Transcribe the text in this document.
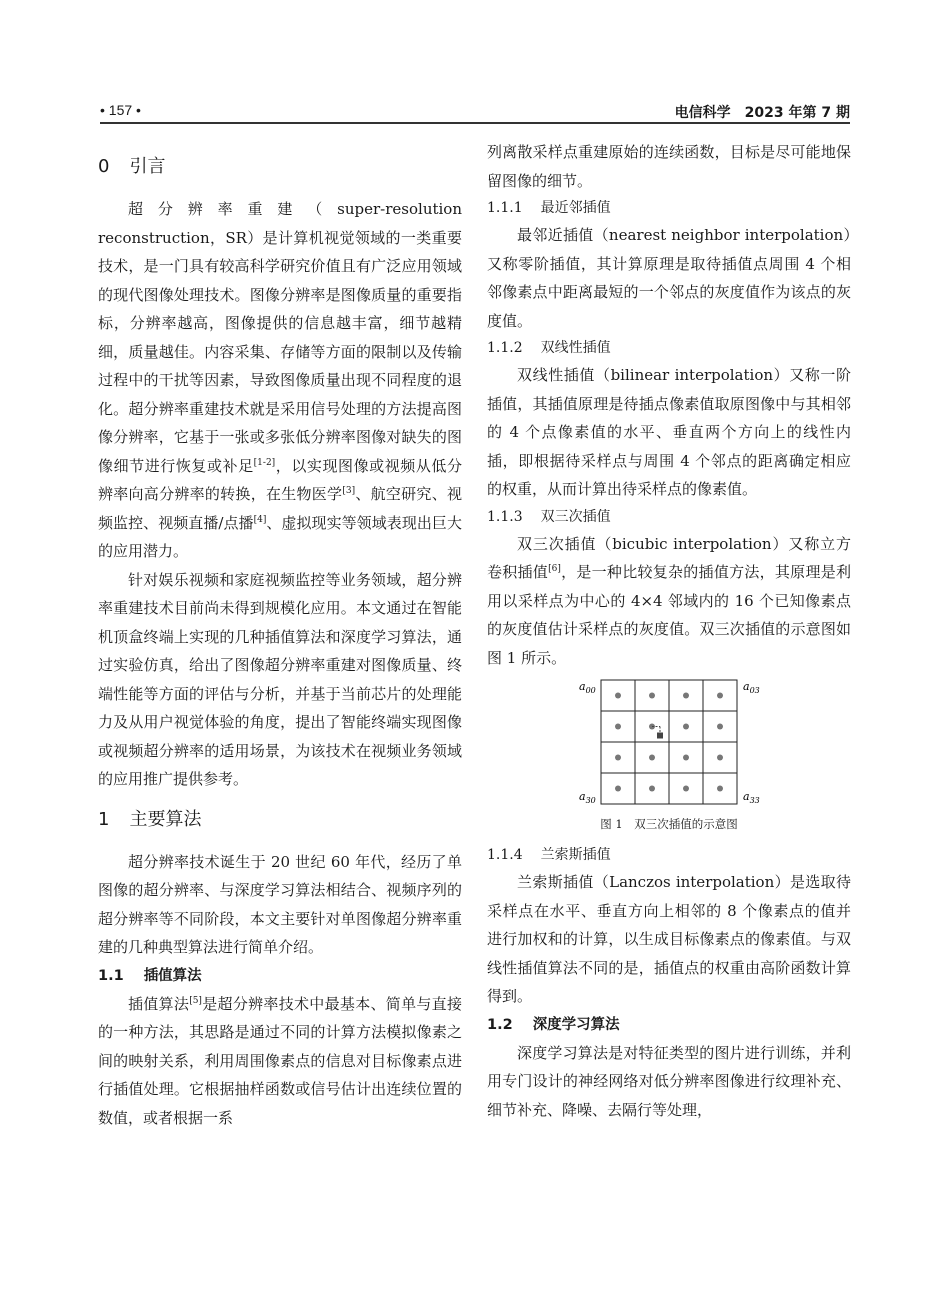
• 157 •	电信科学　2023 年第 7 期
0 引言

超分辨率重建（super-resolution reconstruction，SR）是计算机视觉领域的一类重要技术，是一门具有较高科学研究价值且有广泛应用领域的现代图像处理技术。图像分辨率是图像质量的重要指标，分辨率越高，图像提供的信息越丰富，细节越精细，质量越佳。内容采集、存储等方面的限制以及传输过程中的干扰等因素，导致图像质量出现不同程度的退化。超分辨率重建技术就是采用信号处理的方法提高图像分辨率，它基于一张或多张低分辨率图像对缺失的图像细节进行恢复或补足[1-2]，以实现图像或视频从低分辨率向高分辨率的转换，在生物医学[3]、航空研究、视频监控、视频直播/点播[4]、虚拟现实等领域表现出巨大的应用潜力。

针对娱乐视频和家庭视频监控等业务领域，超分辨率重建技术目前尚未得到规模化应用。本文通过在智能机顶盒终端上实现的几种插值算法和深度学习算法，通过实验仿真，给出了图像超分辨率重建对图像质量、终端性能等方面的评估与分析，并基于当前芯片的处理能力及从用户视觉体验的角度，提出了智能终端实现图像或视频超分辨率的适用场景，为该技术在视频业务领域的应用推广提供参考。

1 主要算法

超分辨率技术诞生于 20 世纪 60 年代，经历了单图像的超分辨率、与深度学习算法相结合、视频序列的超分辨率等不同阶段，本文主要针对单图像超分辨率重建的几种典型算法进行简单介绍。

1.1 插值算法

插值算法[5]是超分辨率技术中最基本、简单与直接的一种方法，其思路是通过不同的计算方法模拟像素之间的映射关系，利用周围像素点的信息对目标像素点进行插值处理。它根据抽样函数或信号估计出连续位置的数值，或者根据一系

列离散采样点重建原始的连续函数，目标是尽可能地保留图像的细节。

1.1.1 最近邻插值

最邻近插值（nearest neighbor interpolation）又称零阶插值，其计算原理是取待插值点周围 4 个相邻像素点中距离最短的一个邻点的灰度值作为该点的灰度值。

1.1.2 双线性插值

双线性插值（bilinear interpolation）又称一阶插值，其插值原理是待插点像素值取原图像中与其相邻的 4 个点像素值的水平、垂直两个方向上的线性内插，即根据待采样点与周围 4 个邻点的距离确定相应的权重，从而计算出待采样点的像素值。

1.1.3 双三次插值

双三次插值（bicubic interpolation）又称立方卷积插值[6]，是一种比较复杂的插值方法，其原理是利用以采样点为中心的 4×4 邻域内的 16 个已知像素点的灰度值估计采样点的灰度值。双三次插值的示意图如图 1 所示。

$a_{00}$	$a_{03}$
$a_{30}$	$a_{33}$
图 1　双三次插值的示意图
1.1.4 兰索斯插值

兰索斯插值（Lanczos interpolation）是选取待采样点在水平、垂直方向上相邻的 8 个像素点的值并进行加权和的计算，以生成目标像素点的像素值。与双线性插值算法不同的是，插值点的权重由高阶函数计算得到。

1.2 深度学习算法

深度学习算法是对特征类型的图片进行训练，并利用专门设计的神经网络对低分辨率图像进行纹理补充、细节补充、降噪、去隔行等处理，
